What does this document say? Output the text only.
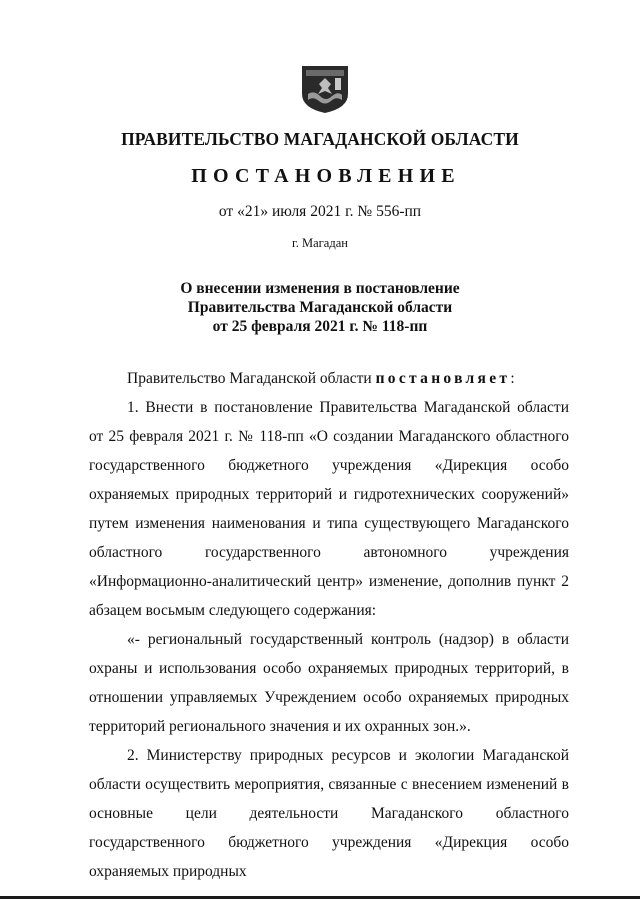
ПРАВИТЕЛЬСТВО МАГАДАНСКОЙ ОБЛАСТИ
ПОСТАНОВЛЕНИЕ
от «21» июля 2021 г. № 556-пп
г. Магадан
О внесении изменения в постановление
Правительства Магаданской области
от 25 февраля 2021 г. № 118-пп

Правительство Магаданской области постановляет:

1. Внести в постановление Правительства Магаданской области от 25 февраля 2021 г. № 118-пп «О создании Магаданского областного государственного бюджетного учреждения «Дирекция особо охраняемых природных территорий и гидротехнических сооружений» путем изменения наименования и типа существующего Магаданского областного государственного автономного учреждения «Информационно-аналитический центр» изменение, дополнив пункт 2 абзацем восьмым следующего содержания:

«- региональный государственный контроль (надзор) в области охраны и использования особо охраняемых природных территорий, в отношении управляемых Учреждением особо охраняемых природных территорий регионального значения и их охранных зон.».

2. Министерству природных ресурсов и экологии Магаданской области осуществить мероприятия, связанные с внесением изменений в основные цели деятельности Магаданского областного государственного бюджетного учреждения «Дирекция особо охраняемых природных
